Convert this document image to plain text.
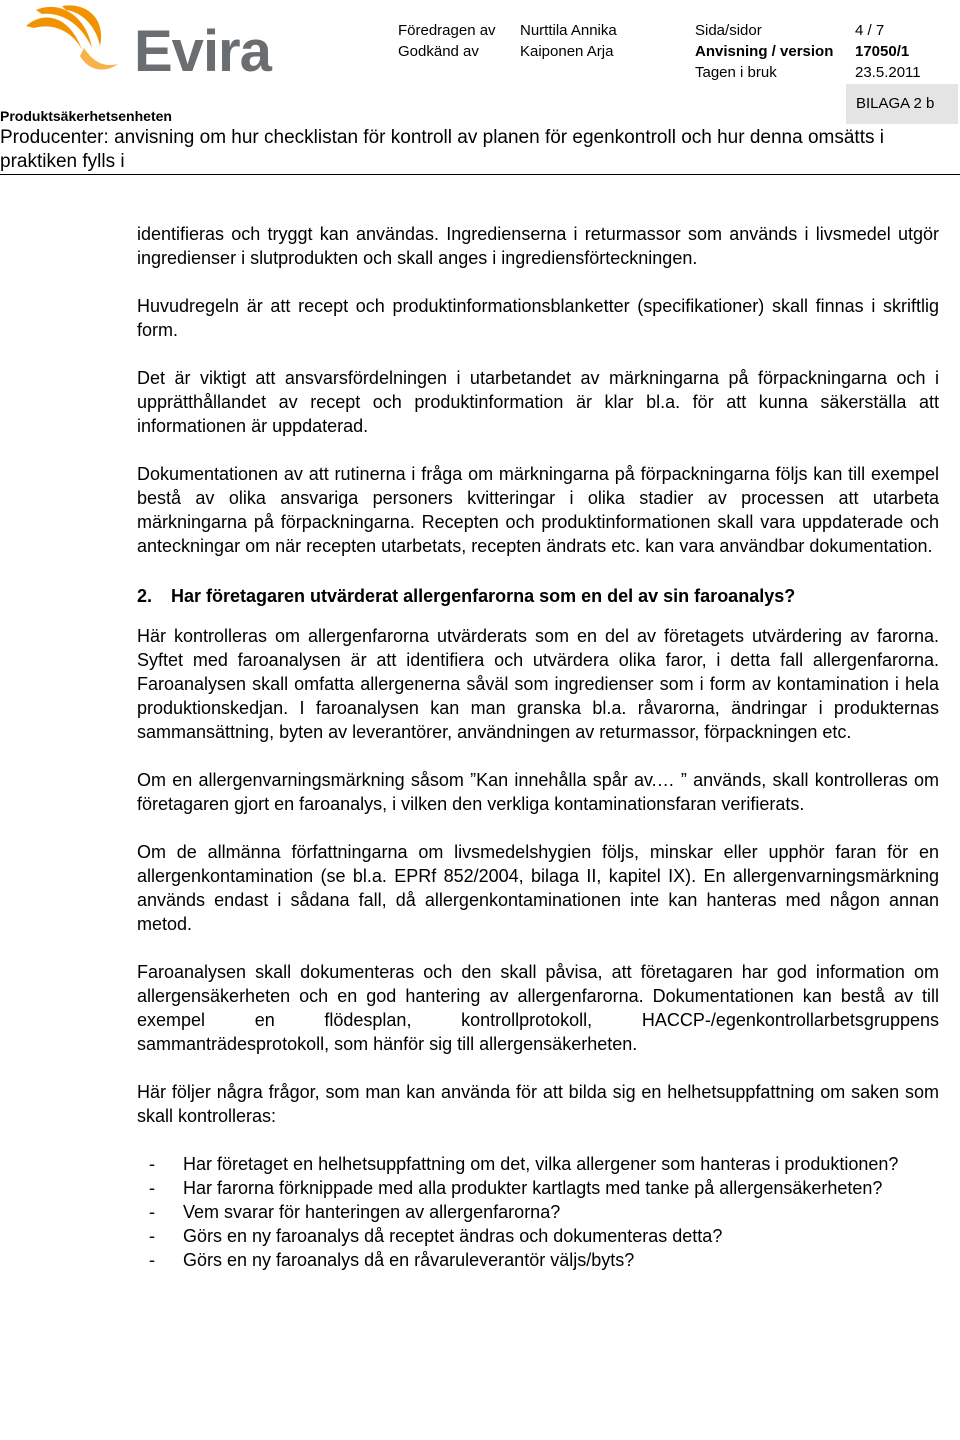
Evira	Föredragen av
Godkänd av
Nurttila Annika
Kaiponen Arja
Sida/sidor
Anvisning / version
Tagen i bruk
4 / 7
17050/1
23.5.2011
Produktsäkerhetsenheten
BILAGA 2 b
Producenter: anvisning om hur checklistan för kontroll av planen för egenkontroll och hur denna omsätts i praktiken fylls i

identifieras och tryggt kan användas. Ingredienserna i returmassor som används i livsmedel utgör ingredienser i slutprodukten och skall anges i ingrediensförteckningen.

Huvudregeln är att recept och produktinformationsblanketter (specifikationer) skall finnas i skriftlig form.

Det är viktigt att ansvarsfördelningen i utarbetandet av märkningarna på förpackningarna och i upprätthållandet av recept och produktinformation är klar bl.a. för att kunna säkerställa att informationen är uppdaterad.

Dokumentationen av att rutinerna i fråga om märkningarna på förpackningarna följs kan till exempel bestå av olika ansvariga personers kvitteringar i olika stadier av processen att utarbeta märkningarna på förpackningarna. Recepten och produktinformationen skall vara uppdaterade och anteckningar om när recepten utarbetats, recepten ändrats etc. kan vara användbar dokumentation.

2. Har företagaren utvärderat allergenfarorna som en del av sin faroanalys?

Här kontrolleras om allergenfarorna utvärderats som en del av företagets utvärdering av farorna. Syftet med faroanalysen är att identifiera och utvärdera olika faror, i detta fall allergenfarorna. Faroanalysen skall omfatta allergenerna såväl som ingredienser som i form av kontamination i hela produktionskedjan. I faroanalysen kan man granska bl.a. råvarorna, ändringar i produkternas sammansättning, byten av leverantörer, användningen av returmassor, förpackningen etc.

Om en allergenvarningsmärkning såsom ”Kan innehålla spår av.… ” används, skall kontrolleras om företagaren gjort en faroanalys, i vilken den verkliga kontaminationsfaran verifierats.

Om de allmänna författningarna om livsmedelshygien följs, minskar eller upphör faran för en allergenkontamination (se bl.a. EPRf 852/2004, bilaga II, kapitel IX). En allergenvarningsmärkning används endast i sådana fall, då allergenkontaminationen inte kan hanteras med någon annan metod.

Faroanalysen skall dokumenteras och den skall påvisa, att företagaren har god information om allergensäkerheten och en god hantering av allergenfarorna. Dokumentationen kan bestå av till exempel en flödesplan, kontrollprotokoll, HACCP-/egenkontrollarbetsgruppens sammanträdesprotokoll, som hänför sig till allergensäkerheten.

Här följer några frågor, som man kan använda för att bilda sig en helhetsuppfattning om saken som skall kontrolleras:

- Har företaget en helhetsuppfattning om det, vilka allergener som hanteras i produktionen?
- Har farorna förknippade med alla produkter kartlagts med tanke på allergensäkerheten?
- Vem svarar för hanteringen av allergenfarorna?
- Görs en ny faroanalys då receptet ändras och dokumenteras detta?
- Görs en ny faroanalys då en råvaruleverantör väljs/byts?
